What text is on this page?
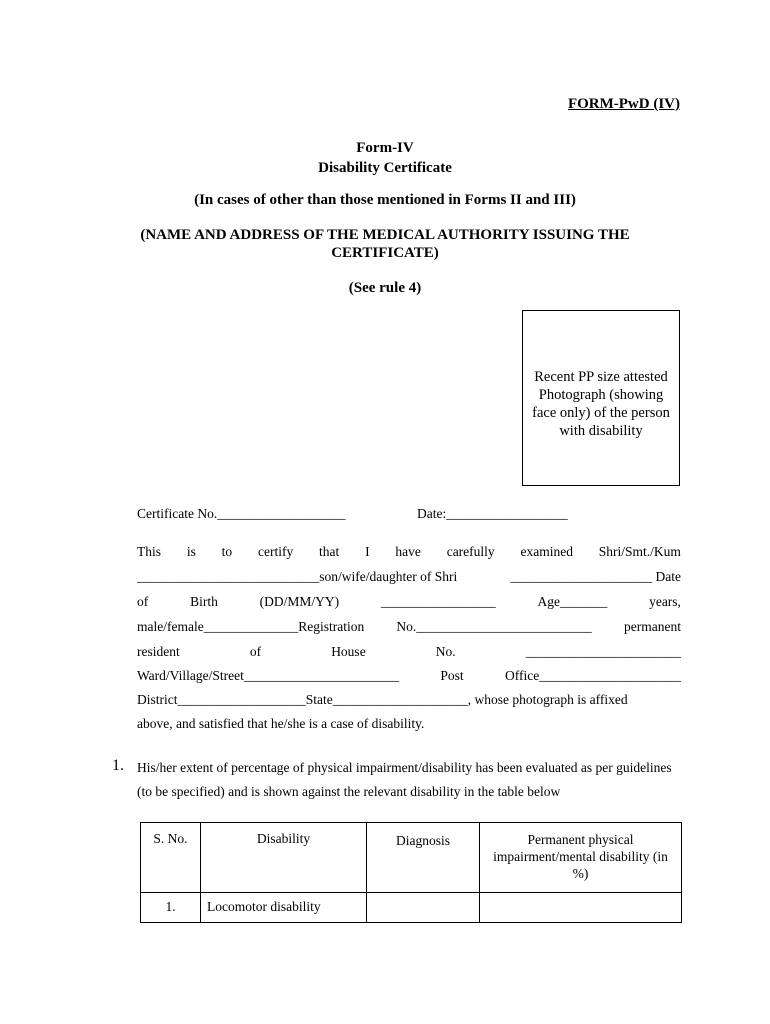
FORM-PwD (IV)
Form-IV
Disability Certificate
(In cases of other than those mentioned in Forms II and III)
(NAME AND ADDRESS OF THE MEDICAL AUTHORITY ISSUING THE
CERTIFICATE)
(See rule 4)
Recent PP size attested
Photograph (showing
face only) of the person
with disability
Certificate No.___________________	Date:__________________
This is to certify that I have carefully examined Shri/Smt./Kum
___________________________son/wife/daughter of Shri	_____________________ Date
of	Birth	(DD/MM/YY)	_________________	Age_______	years,
male/female______________Registration No.__________________________ permanent
resident	of	House	No.	_______________________
Ward/Village/Street_______________________	Post	Office_____________________
District___________________State____________________, whose photograph is affixed
above, and satisfied that he/she is a case of disability.
1. His/her extent of percentage of physical impairment/disability has been evaluated as per guidelines
(to be specified) and is shown against the relevant disability in the table below
S. No.	Disability	Diagnosis	Permanent physical impairment/mental disability (in %)
1.	Locomotor disability		
